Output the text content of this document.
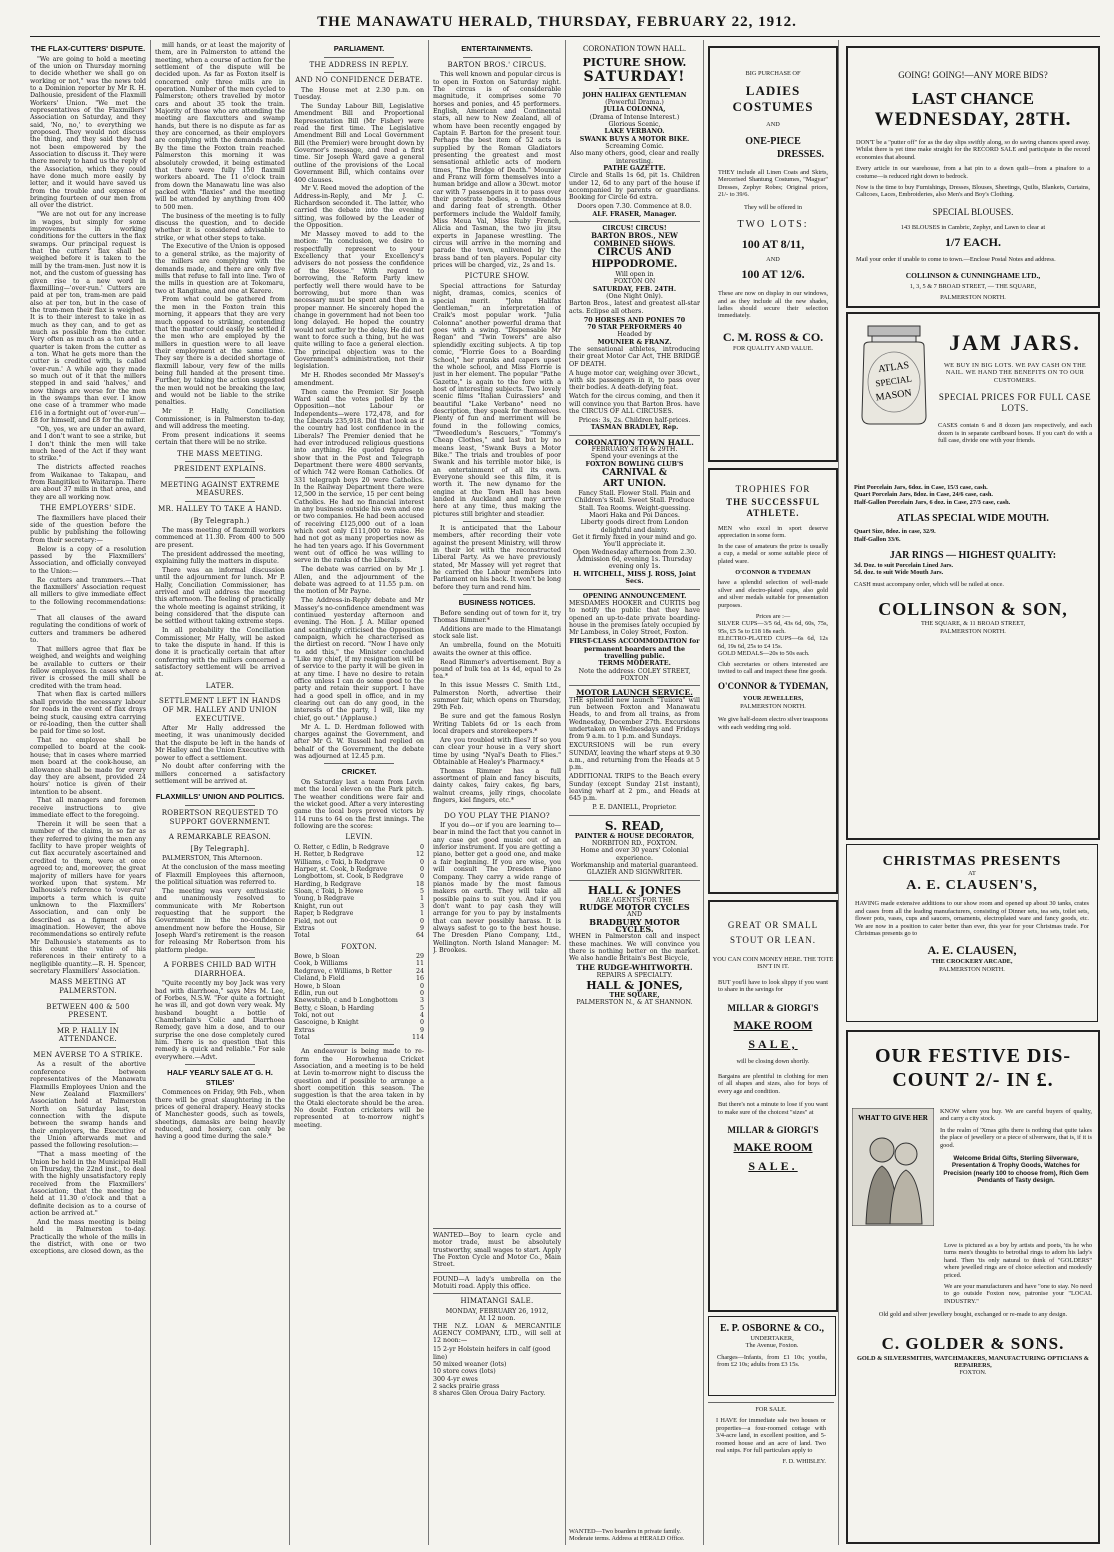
THE MANAWATU HERALD, THURSDAY, FEBRUARY 22, 1912.
THE FLAX-CUTTERS' DISPUTE.

"We are going to hold a meeting of the union on Thursday morning to decide whether we shall go on working or not," was the news told to a Dominion reporter by Mr R. H. Dalhousie, president of the Flaxmill Workers' Union. "We met the representatives of the Flaxmillers' Association on Saturday, and they said, 'No, no,' to everything we proposed. They would not discuss the thing, and they said they had not been empowered by the Association to discuss it. They were there merely to hand us the reply of the Association, which they could have done much more easily by letter, and it would have saved us from the trouble and expense of bringing fourteen of our men from all over the district.

"We are not out for any increase in wages, but simply for some improvements in working conditions for the cutters in the flax swamps. Our principal request is that the cutters' flax shall be weighed before it is taken to the mill by the tram-men. Just now it is not, and the custom of guessing has given rise to a new word in flaxmilling—'over-run.' Cutters are paid at per ton, tram-men are paid also at per ton, but in the case of the tram-men their flax is weighed. It is to their interest to take in as much as they can, and to get as much as possible from the cutter. Very often as much as a ton and a quarter is taken from the cutter as a ton. What he gets more than the cutter is credited with, is called 'over-run.' A while ago they made so much out of it that the millers stepped in and said 'halves,' and now things are worse for the men in the swamps than ever. I know one case of a trammer who made £16 in a fortnight out of 'over-run'—£8 for himself, and £8 for the miller.

"Oh, yes, we are under an award, and I don't want to see a strike, but I don't think the men will take much heed of the Act if they want to strike."

The districts affected reaches from Waikanae to Takapau, and from Rangitikei to Waitarapa. There are about 37 mills in that area, and they are all working now.

THE EMPLOYERS' SIDE.

The flaxmillers have placed their side of the question before the public by publishing the following from their secretary:—

Below is a copy of a resolution passed by the Flaxmillers' Association, and officially conveyed to the Union:—

Re cutters and trammers.—That the flaxmillers' Association request all millers to give immediate effect to the following recommendations:—

That all clauses of the award regulating the conditions of work of cutters and trammers be adhered to.

That millers agree that flax be weighed, and weights and weighing be available to cutters or their fellow employees. In cases where a river is crossed the mill shall be credited with the tram head.

That when flax is carted millers shall provide the necessary labour for roads in the event of flax drays being stuck, causing extra carrying or re-loading, then the cutter shall be paid for time so lost.

That no employee shall be compelled to board at the cook-house; that in cases where married men board at the cook-house, an allowance shall be made for every day they are absent, provided 24 hours' notice is given of their intention to be absent.

That all managers and foremen receive instructions to give immediate effect to the foregoing.

Therein it will be seen that a number of the claims, in so far as they referred to giving the men any facility to have proper weights of cut flax accurately ascertained and credited to them, were at once agreed to; and, moreover, the great majority of millers have for years worked upon that system. Mr Dalhousie's reference to 'over-run' imports a term which is quite unknown to the Flaxmillers' Association, and can only be described as a figment of his imagination. However, the above recommendations so entirely refute Mr Dalhousie's statements as to this count the value of his references in their entirety to a negligible quantity.—R. H. Spencer, secretary Flaxmillers' Association.

MASS MEETING AT PALMERSTON.
BETWEEN 400 & 500 PRESENT.
MR P. HALLY IN ATTENDANCE.
MEN AVERSE TO A STRIKE.

As a result of the abortive conference between representatives of the Manawatu Flaxmills Employees Union and the New Zealand Flaxmillers' Association held at Palmerston North on Saturday last, in connection with the dispute between the swamp hands and their employers, the Executive of the Union afterwards met and passed the following resolution:—

"That a mass meeting of the Union be held in the Municipal Hall on Thursday, the 22nd inst., to deal with the highly unsatisfactory reply received from the Flaxmillers' Association; that the meeting be held at 11.30 o'clock and that a definite decision as to a course of action be arrived at."

And the mass meeting is being held in Palmerston to-day. Practically the whole of the mills in the district, with one or two exceptions, are closed down, as the

mill hands, or at least the majority of them, are in Palmerston to attend the meeting, when a course of action for the settlement of the dispute will be decided upon. As far as Foxton itself is concerned only three mills are in operation. Number of the men cycled to Palmerston; others travelled by motor cars and about 35 took the train. Majority of those who are attending the meeting are flaxcutters and swamp hands, but there is no dispute as far as they are concerned, as their employers are complying with the demands made. By the time the Foxton train reached Palmerston this morning it was absolutely crowded, it being estimated that there were fully 150 flaxmill workers aboard. The 11 o'clock train from down the Manawatu line was also packed with "flaxies" and the meeting will be attended by anything from 400 to 500 men.

The business of the meeting is to fully discuss the question, and to decide whether it is considered advisable to strike, or what other steps to take.

The Executive of the Union is opposed to a general strike, as the majority of the millers are complying with the demands made, and there are only five mills that refuse to fall into line. Two of the mills in question are at Tokomaru, two at Rangitane, and one at Karere.

From what could be gathered from the men in the Foxton train this morning, it appears that they are very much opposed to striking, contending that the matter could easily be settled if the men who are employed by the millers in question were to all leave their employment at the same time. They say there is a decided shortage of flaxmill labour, very few of the mills being full handed at the present time. Further, by taking the action suggested the men would not be breaking the law, and would not be liable to the strike penalties.

Mr P. Hally, Conciliation Commissioner, is in Palmerston to-day, and will address the meeting.

From present indications it seems certain that there will be no strike.

THE MASS MEETING.
PRESIDENT EXPLAINS.
MEETING AGAINST EXTREME MEASURES.
MR. HALLEY TO TAKE A HAND.
(By Telegraph.)

The mass meeting of flaxmill workers commenced at 11.30. From 400 to 500 are present.

The president addressed the meeting, explaining fully the matters in dispute.

There was an informal discussion until the adjournment for lunch. Mr P. Hally, Conciliation Commissioner, has arrived and will address the meeting this afternoon. The feeling of practically the whole meeting is against striking, it being considered that the dispute can be settled without taking extreme steps.

In all probability the Conciliation Commissioner, Mr Hally, will be asked to take the dispute in hand. If this is done it is practically certain that after conferring with the millers concerned a satisfactory settlement will be arrived at.

LATER.
SETTLEMENT LEFT IN HANDS OF MR. HALLEY AND UNION EXECUTIVE.

After Mr Hally addressed the meeting, it was unanimously decided that the dispute be left in the hands of Mr Halley and the Union Executive with power to effect a settlement.

No doubt after conferring with the millers concerned a satisfactory settlement will be arrived at.

FLAXMILLS' UNION AND POLITICS.
ROBERTSON REQUESTED TO SUPPORT GOVERNMENT.
A REMARKABLE REASON.
[By Telegraph].

PALMERSTON, This Afternoon.

At the conclusion of the mass meeting of Flaxmill Employees this afternoon, the political situation was referred to.

The meeting was very enthusiastic and unanimously resolved to communicate with Mr Robertson requesting that he support the Government in the no-confidence amendment now before the House, Sir Joseph Ward's retirement is the reason for releasing Mr Robertson from his platform pledge.

A FORBES CHILD BAD WITH DIARRHOEA.

"Quite recently my boy Jack was very bad with diarrhoea," says Mrs M. Lee, of Forbes, N.S.W. "For quite a fortnight he was ill, and got down very weak. My husband bought a bottle of Chamberlain's Colic and Diarrhoea Remedy, gave him a dose, and to our surprise the one dose completely cured him. There is no question that this remedy is quick and reliable." For sale everywhere.—Advt.

HALF YEARLY SALE AT G. H. STILES'

Commences on Friday, 9th Feb., when there will be great slaughtering in the prices of general drapery. Heavy stocks of Manchester goods, such as towels, sheetings, damasks are being heavily reduced, and hosiery, can only be having a good time during the sale.*

PARLIAMENT.
THE ADDRESS IN REPLY.
AND NO CONFIDENCE DEBATE.

The House met at 2.30 p.m. on Tuesday.

The Sunday Labour Bill, Legislative Amendment Bill and Proportional Representation Bill (Mr Fisher) were read the first time. The Legislative Amendment Bill and Local Government Bill (the Premier) were brought down by Governor's message, and read a first time. Sir Joseph Ward gave a general outline of the provisions of the Local Government Bill, which contains over 400 clauses.

Mr V. Reed moved the adoption of the Address-in-Reply, and Mr J. C. Richardson seconded it. The latter, who carried the debate into the evening sitting, was followed by the Leader of the Opposition.

Mr Massey moved to add to the motion: "In conclusion, we desire to respectfully represent to your Excellency that your Excellency's advisers do not possess the confidence of the House." With regard to borrowing, the Reform Party knew perfectly well there would have to be borrowing, but more than was necessary must be spent and then in a proper manner. He sincerely hoped the change in government had not been too long delayed. He hoped the country would not suffer by the delay. He did not want to force such a thing, but he was quite willing to face a general election. The principal objection was to the Government's administration, not their legislation.

Mr H. Rhodes seconded Mr Massey's amendment.

Then came the Premier. Sir Joseph Ward said the votes polled by the Opposition—not Labour or Independents—were 172,478, and for the Liberals 235,918. Did that look as if the country had lost confidence in the Liberals? The Premier denied that he had ever introduced religious questions into anything. He quoted figures to show that in the Post and Telegraph Department there were 4800 servants, of which 742 were Roman Catholics. Of 331 telegraph boys 20 were Catholics. In the Railway Department there were 12,500 in the service, 15 per cent being Catholics. He had no financial interest in any business outside his own and one or two companies. He had been accused of receiving £125,000 out of a loan which cost only £111,000 to raise. He had not got as many properties now as he had ten years ago. If his Government went out of office he was willing to serve in the ranks of the Liberals.

The debate was carried on by Mr J. Allen, and the adjournment of the debate was agreed to at 11.55 p.m. on the motion of Mr Payne.

The Address-in-Reply debate and Mr Massey's no-confidence amendment was continued yesterday afternoon and evening. The Hon. J. A. Millar opened and scathingly criticised the Opposition campaign, which he characterised as the dirtiest on record. "Now I have only to add this," the Minister concluded "Like my chief, if my resignation will be of service to the party it will be given in at any time. I have no desire to retain office unless I can do some good to the party and retain their support. I have had a good spell in office, and in my clearing out can do any good, in the interests of the party, I will, like my chief, go out." (Applause.)

Mr A. L. D. Herdman followed with charges against the Government, and after Mr G. W. Russell had replied on behalf of the Government, the debate was adjourned at 12.45 p.m.

CRICKET.

On Saturday last a team from Levin met the local eleven on the Park pitch. The weather conditions were fair and the wicket good. After a very interesting game the local boys proved victors by 114 runs to 64 on the first innings. The following are the scores:

LEVIN.
O. Retter, c Edlin, b Redgrave	0
H. Retter, b Redgrave	12
Williams, c Toki, b Redgrave	0
Harper, st. Cook, b Redgrave	0
Longbottom, st. Cook, b Redgrave	0
Harding, b Redgrave	18
Sloan, c Toki, b Howe	5
Young, b Redgrave	1
Knight, run out	3
Raper, b Redgrave	1
Field, not out	0
Extras	9
Total	64
FOXTON.
Bowe, b Sloan	29
Cook, b Williams	11
Redgrave, c Williams, b Retter	24
Cieland, b Field	16
Howe, b Sloan	0
Edlin, run out	0
Knewstubb, c and b Longbottom	3
Betty, c Sloan, b Harding	5
Toki, not out	4
Gascoigne, b Knight	0
Extras	9
Total	114

An endeavour is being made to re-form the Horowhenua Cricket Association, and a meeting is to be held at Levin to-morrow night to discuss the question and if possible to arrange a short competition this season. The suggestion is that the area taken in by the Otaki electorate should be the area. No doubt Foxton cricketers will be represented at to-morrow night's meeting.

ENTERTAINMENTS.
BARTON BROS.' CIRCUS.

This well known and popular circus is to open in Foxton on Saturday night. The circus is of considerable magnitude, it comprises some 70 horses and ponies, and 45 performers. English, American and Continental stars, all new to New Zealand, all of whom have been recently engaged by Captain F. Barton for the present tour. Perhaps the best item of 52 acts is supplied by the Roman Gladiators presenting the greatest and most sensational athletic acts of modern times, "The Bridge of Death." Mounier and Franz will form themselves into a human bridge and allow a 30cwt. motor car with 7 passengers in it to pass over their prostrate bodies, a tremendous and daring feat of strength. Other performers include the Waldolf family, Miss Meua Val, Miss Ruby French, Alicia and Tasman, the two jiu jitsu experts in Japanese wrestling. The circus will arrive in the morning and parade the town, enlivened by the brass band of ten players. Popular city prices will be charged, viz., 2s and 1s.

PICTURE SHOW.

Special attractions for Saturday night, dramas, comics, scenics of special merit. "John Halifax Gentleman," an interpretation of Craik's most popular work. "Julia Colonna" another powerful drama that goes with a swing. "Dispensable Mr Regan" and "Twin Towers" are also splendidly exciting subjects. A tip top comic, "Florrie Goes to a Boarding School," her pranks and capers upset the whole school, and Miss Florrie is just in her element. The popular "Pathe Gazette," is again to the fore with a host of interesting subjects. Two lovely scenic films "Italian Cuirassiers" and beautiful "Lake Verbano" need no description, they speak for themselves. Plenty of fun and merriment will be found in the following comics, "Tweedledum's Rescuers," "Tommy's Cheap Clothes," and last but by no means least, "Swank Buys a Motor Bike." The trials and troubles of poor Swank and his terrible motor bike, is an entertainment of all its own. Everyone should see this film, it is worth it. The new dynamo for the engine at the Town Hall has been landed in Auckland and may arrive here at any time, thus making the pictures still brighter and steadier.

It is anticipated that the Labour members, after recording their vote against the present Ministry, will throw in their lot with the reconstructed Liberal Party. As we have previously stated, Mr Massey will yet regret that he carried the Labour members into Parliament on his back. It won't be long before they turn and rend him.

BUSINESS NOTICES.

Before sending out of town for it, try Thomas Rimmer.*

Additions are made to the Himatangi stock sale list.

An umbrella, found on the Motuiti awaits the owner at this office.

Read Rimmer's advertisement. Buy a pound of bulk tea at 1s 4d, equal to 2s tea.*

In this issue Messrs C. Smith Ltd., Palmerston North, advertise their summer fair, which opens on Thursday, 29th Feb.

Be sure and get the famous Roslyn Writing Tablets 6d or 1s each from local drapers and storekeepers.*

Are you troubled with flies? If so you can clear your house in a very short time by using "Nyal's Death to Flies." Obtainable at Healey's Pharmacy.*

Thomas Rimmer has a full assortment of plain and fancy biscuits, dainty cakes, fairy cakes, fig bars, walnut creams, jelly rings, chocolate fingers, kiel fingers, etc.*

DO YOU PLAY THE PIANO?

If you do—or if you are learning to—bear in mind the fact that you cannot in any case get good music out of an inferior instrument. If you are getting a piano, better get a good one, and make a fair beginning. If you are wise, you will consult The Dresden Piano Company. They carry a wide range of pianos made by the most famous makers on earth. They will take all possible pains to suit you. And if you don't want to pay cash they will arrange for you to pay by instalments that can never possibly harass. It is always safest to go to the best house. The Dresden Piano Company, Ltd., Wellington. North Island Manager: M. J. Brookes.

CORONATION TOWN HALL.
PICTURE SHOW.
SATURDAY!
JOHN HALIFAX GENTLEMAN
(Powerful Drama.)
JULIA COLONNA,
(Drama of Intense Interest.)
Glorious Scenic,
LAKE VERBANO.
SWANK BUYS A MOTOR BIKE.
Screaming Comic.
Also many others, good, clear and really interesting.
PATHE GAZETTE.

Circle and Stalls 1s 6d, pit 1s. Children under 12, 6d to any part of the house if accompanied by parents or guardians. Booking for Circle 6d extra.

Doors open 7.30. Commence at 8.0.
ALF. FRASER, Manager.
CIRCUS! CIRCUS!
BARTON BROS., NEW COMBINED SHOWS.
CIRCUS AND
HIPPODROME.
Will open in
FOXTON ON
SATURDAY, FEB. 24TH.
(One Night Only).

Barton Bros., latest and greatest all-star acts. Eclipse all others.

70 HORSES AND PONIES 70
70 STAR PERFORMERS 40
Headed by
MOUNIER & FRANZ.

The sensational athletes, introducing their great Motor Car Act, THE BRIDGE OF DEATH.

A huge motor car, weighing over 30cwt., with six passengers in it, to pass over their bodies. A death-defying feat.

Watch for the circus coming, and then it will convince you that Barton Bros. have the CIRCUS OF ALL CIRCUSES.

Prices: 3s, 2s. Children half-prices.
TASMAN BRADLEY, Rep.
CORONATION TOWN HALL.
FEBRUARY 28TH & 29TH.
Spend your evenings at the
FOXTON BOWLING CLUB'S
CARNIVAL &
ART UNION.
Fancy Stall. Flower Stall. Plain and Children's Stall. Sweet Stall. Produce Stall. Tea Rooms. Weight-guessing.
Maori Haka and Poi Dances.
Liberty goods direct from London delightful and dainty.
Get it firmly fixed in your mind and go. You'll appreciate it.
Open Wednesday afternoon from 2.30. Admission 6d, evening 1s. Thursday evening only 1s.
H. WITCHELL, MISS J. ROSS, Joint Secs.
OPENING ANNOUNCEMENT.

MESDAMES HOOKER and CURTIS beg to notify the public that they have opened an up-to-date private boarding-house in the premises lately occupied by Mr Lambess, in Coley Street, Foxton.

FIRST-CLASS ACCOMMODATION for permanent boarders and the travelling public.
TERMS MODERATE.
Note the address: COLEY STREET, FOXTON
MOTOR LAUNCH SERVICE.

THE splendid new launch "Tuiiora" will run between Foxton and Manawatu Heads, to and from all trains, as from Wednesday, December 27th. Excursions undertaken on Wednesdays and Fridays from 9 a.m. to 1 p.m. and Sundays.

EXCURSIONS will be run every SUNDAY, leaving the wharf steps at 9.30 a.m., and returning from the Heads at 5 p.m.

ADDITIONAL TRIPS to the Beach every Sunday (except Sunday 21st instant), leaving wharf at 2 pm., and Heads at 645 p.m.

P. E. DANIELL, Proprietor.
S. READ,
PAINTER & HOUSE DECORATOR,
NORBITON RD., FOXTON.
Home and over 30 years' Colonial experience.
Workmanship and material guaranteed.
GLAZIER AND SIGNWRITER.
HALL & JONES
ARE AGENTS FOR THE
RUDGE MOTOR CYCLES
AND
BRADBURY MOTOR CYCLES.

WHEN in Palmerston call and inspect these machines. We will convince you there is nothing better on the market. We also handle Britain's Best Bicycle,

THE RUDGE-WHITWORTH.
REPAIRS A SPECIALTY.
HALL & JONES,
THE SQUARE,
PALMERSTON N., & AT SHANNON.

WANTED—Boy to learn cycle and motor trade, must be absolutely trustworthy, small wages to start. Apply The Foxton Cycle and Motor Co., Main Street.

FOUND—A lady's umbrella on the Motuiti road. Apply this office.

HIMATANGI SALE.
MONDAY, FEBRUARY 26, 1912,
At 12 noon.

THE N.Z. LOAN & MERCANTILE AGENCY COMPANY, LTD., will sell at 12 noon:—

15 2-yr Holstein heifers in calf (good line)
50 mixed weaner (lots)
10 store cows (lots)
300 4-yr ewes
2 sacks prairie grass
8 shares Glen Oroua Dairy Factory.
BIG PURCHASE OF
LADIES
COSTUMES
AND
ONE-PIECE
DRESSES.
THEY include all Linen Coats and Skirts, Mercerised Shantung Costumes, "Magyar" Dresses, Zephyr Robes; Original prices, 21/- to 39/6.
They will be offered in
TWO LOTS:
100 AT 8/11,
AND
100 AT 12/6.
These are now on display in our windows, and as they include all the new shades, ladies should secure their selection immediately.
C. M. ROSS & CO.
FOR QUALITY AND VALUE.
TROPHIES FOR
THE SUCCESSFUL ATHLETE.
MEN who excel in sport deserve appreciation in some form.
In the case of amateurs the prize is usually a cup, a medal or some suitable piece of plated ware.
O'CONNOR & TYDEMAN
have a splendid selection of well-made silver and electro-plated cups, also gold and silver medals suitable for presentation purposes.
Prices are :—
SILVER CUPS—3/5 6d, 43s 6d, 60s, 75s, 95s, £5 5s to £18 18s each.
ELECTRO-PLATED CUPS—6s 6d, 12s 6d, 19s 6d, 25s to £4 15s.
GOLD MEDALS—20s to 50s each.
Club secretaries or others interested are invited to call and inspect these fine goods.
O'CONNOR & TYDEMAN,
YOUR JEWELLERS,
PALMERSTON NORTH.
We give half-dozen electro silver teaspoons with each wedding ring sold.
GREAT OR SMALL
STOUT OR LEAN.
YOU CAN COIN MONEY HERE. THE TOTE ISN'T IN IT.
BUT you'll have to look slippy if you want to share in the savings for
MILLAR & GIORGI'S
MAKE ROOM
SALE,
will be closing down shortly.
Bargains are plentiful in clothing for men of all shapes and sizes, also for boys of every age and condition.
But there's not a minute to lose if you want to make sure of the choicest "sizes" at
MILLAR & GIORGI'S
MAKE ROOM
SALE.
E. P. OSBORNE & CO.,
UNDERTAKER,
The Avenue, Foxton.
Charges—Infants, from £1 10s; youths, from £2 10s; adults from £3 15s.
FOR SALE.
I HAVE for immediate sale two houses or properties—a four-roomed cottage with 3/4-acre land, in excellent position, and 5-roomed house and an acre of land. Two real snips. For full particulars apply to
F. D. WHIBLEY.
GOING! GOING!—ANY MORE BIDS?
LAST CHANCE
WEDNESDAY, 28TH.
DON'T be a "putter off" for as the day slips swiftly along, so do saving chances speed away. Whilst there is yet time make straight for the RECORD SALE and participate in the record economies that abound.
Every article in our warehouse, from a hat pin to a down quilt—from a pinafore to a costume—is reduced right down to bedrock.
Now is the time to buy Furnishings, Dresses, Blouses, Sheetings, Quilts, Blankets, Curtains, Calicoes, Laces, Embroideries, also Men's and Boy's Clothing.
SPECIAL BLOUSES.
143 BLOUSES in Cambric, Zephyr, and Lawn to clear at
1/7 EACH.
Mail your order if unable to come to town.—Enclose Postal Notes and address.
COLLINSON & CUNNINGHAME LTD.,
1, 3, 5 & 7 BROAD STREET, — THE SQUARE,
PALMERSTON NORTH.
ATLAS
SPECIAL
MASON
JAM JARS.
WE BUY IN BIG LOTS. WE PAY CASH ON THE NAIL. WE HAND THE BENEFITS ON TO OUR CUSTOMERS.
SPECIAL PRICES FOR FULL CASE LOTS.
CASES contain 6 and 8 dozen jars respectively, and each dozen is in separate cardboard boxes. If you can't do with a full case, divide one with your friends.
Pint Porcelain Jars, 6doz. in Case, 15/3 case, cash.
Quart Porcelain Jars, 8doz. in Case, 24/6 case, cash.
Half-Gallon Porcelain Jars, 6 doz. in Case, 27/3 case, cash.
ATLAS SPECIAL WIDE MOUTH.
Quart Size, 8doz. in case, 32/9.
Half-Gallon 33/6.
JAR RINGS — HIGHEST QUALITY:
3d. Doz. to suit Porcelain Lined Jars.
5d. doz. to suit Wide Mouth Jars.
CASH must accompany order, which will be railed at once.
COLLINSON & SON,
THE SQUARE, & 11 BROAD STREET,
PALMERSTON NORTH.
CHRISTMAS PRESENTS
AT
A. E. CLAUSEN'S,
HAVING made extensive additions to our show room and opened up about 30 tanks, crates and cases from all the leading manufacturers, consisting of Dinner sets, tea sets, toilet sets, flower pots, vases, cups and saucers, ornaments, electroplated ware and fancy goods, etc. We are now in a position to cater better than ever, this year for your Christmas trade. For Christmas presents go to
A. E. CLAUSEN,
THE CROCKERY ARCADE,
PALMERSTON NORTH.
OUR FESTIVE DIS-
COUNT 2/- IN £.
WHAT TO GIVE HER
KNOW where you buy. We are careful buyers of quality, and carry a city stock.
In the realm of 'Xmas gifts there is nothing that quite takes the place of jewellery or a piece of silverware, that is, if it is good.
Welcome Bridal Gifts, Sterling Silverware, Presentation & Trophy Goods, Watches for Precision (nearly 100 to choose from), Rich Gem Pendants of Tasty design.
Love is pictured as a boy by artists and poets, 'tis he who turns men's thoughts to betrothal rings to adorn his lady's hand. Then 'tis only natural to think of "GOLDERS" where jewelled rings are of choice selection and modestly priced.
We are your manufacturers and have "one to stay. No need to go outside Foxton now, patronise your "LOCAL INDUSTRY."
Old gold and silver jewellery bought, exchanged or re-made to any design.
C. GOLDER & SONS.
GOLD & SILVERSMITHS, WATCHMAKERS, MANUFACTURING OPTICIANS & REPAIRERS,
FOXTON.
WANTED—Two boarders in private family. Moderate terms. Address at HERALD Office.
